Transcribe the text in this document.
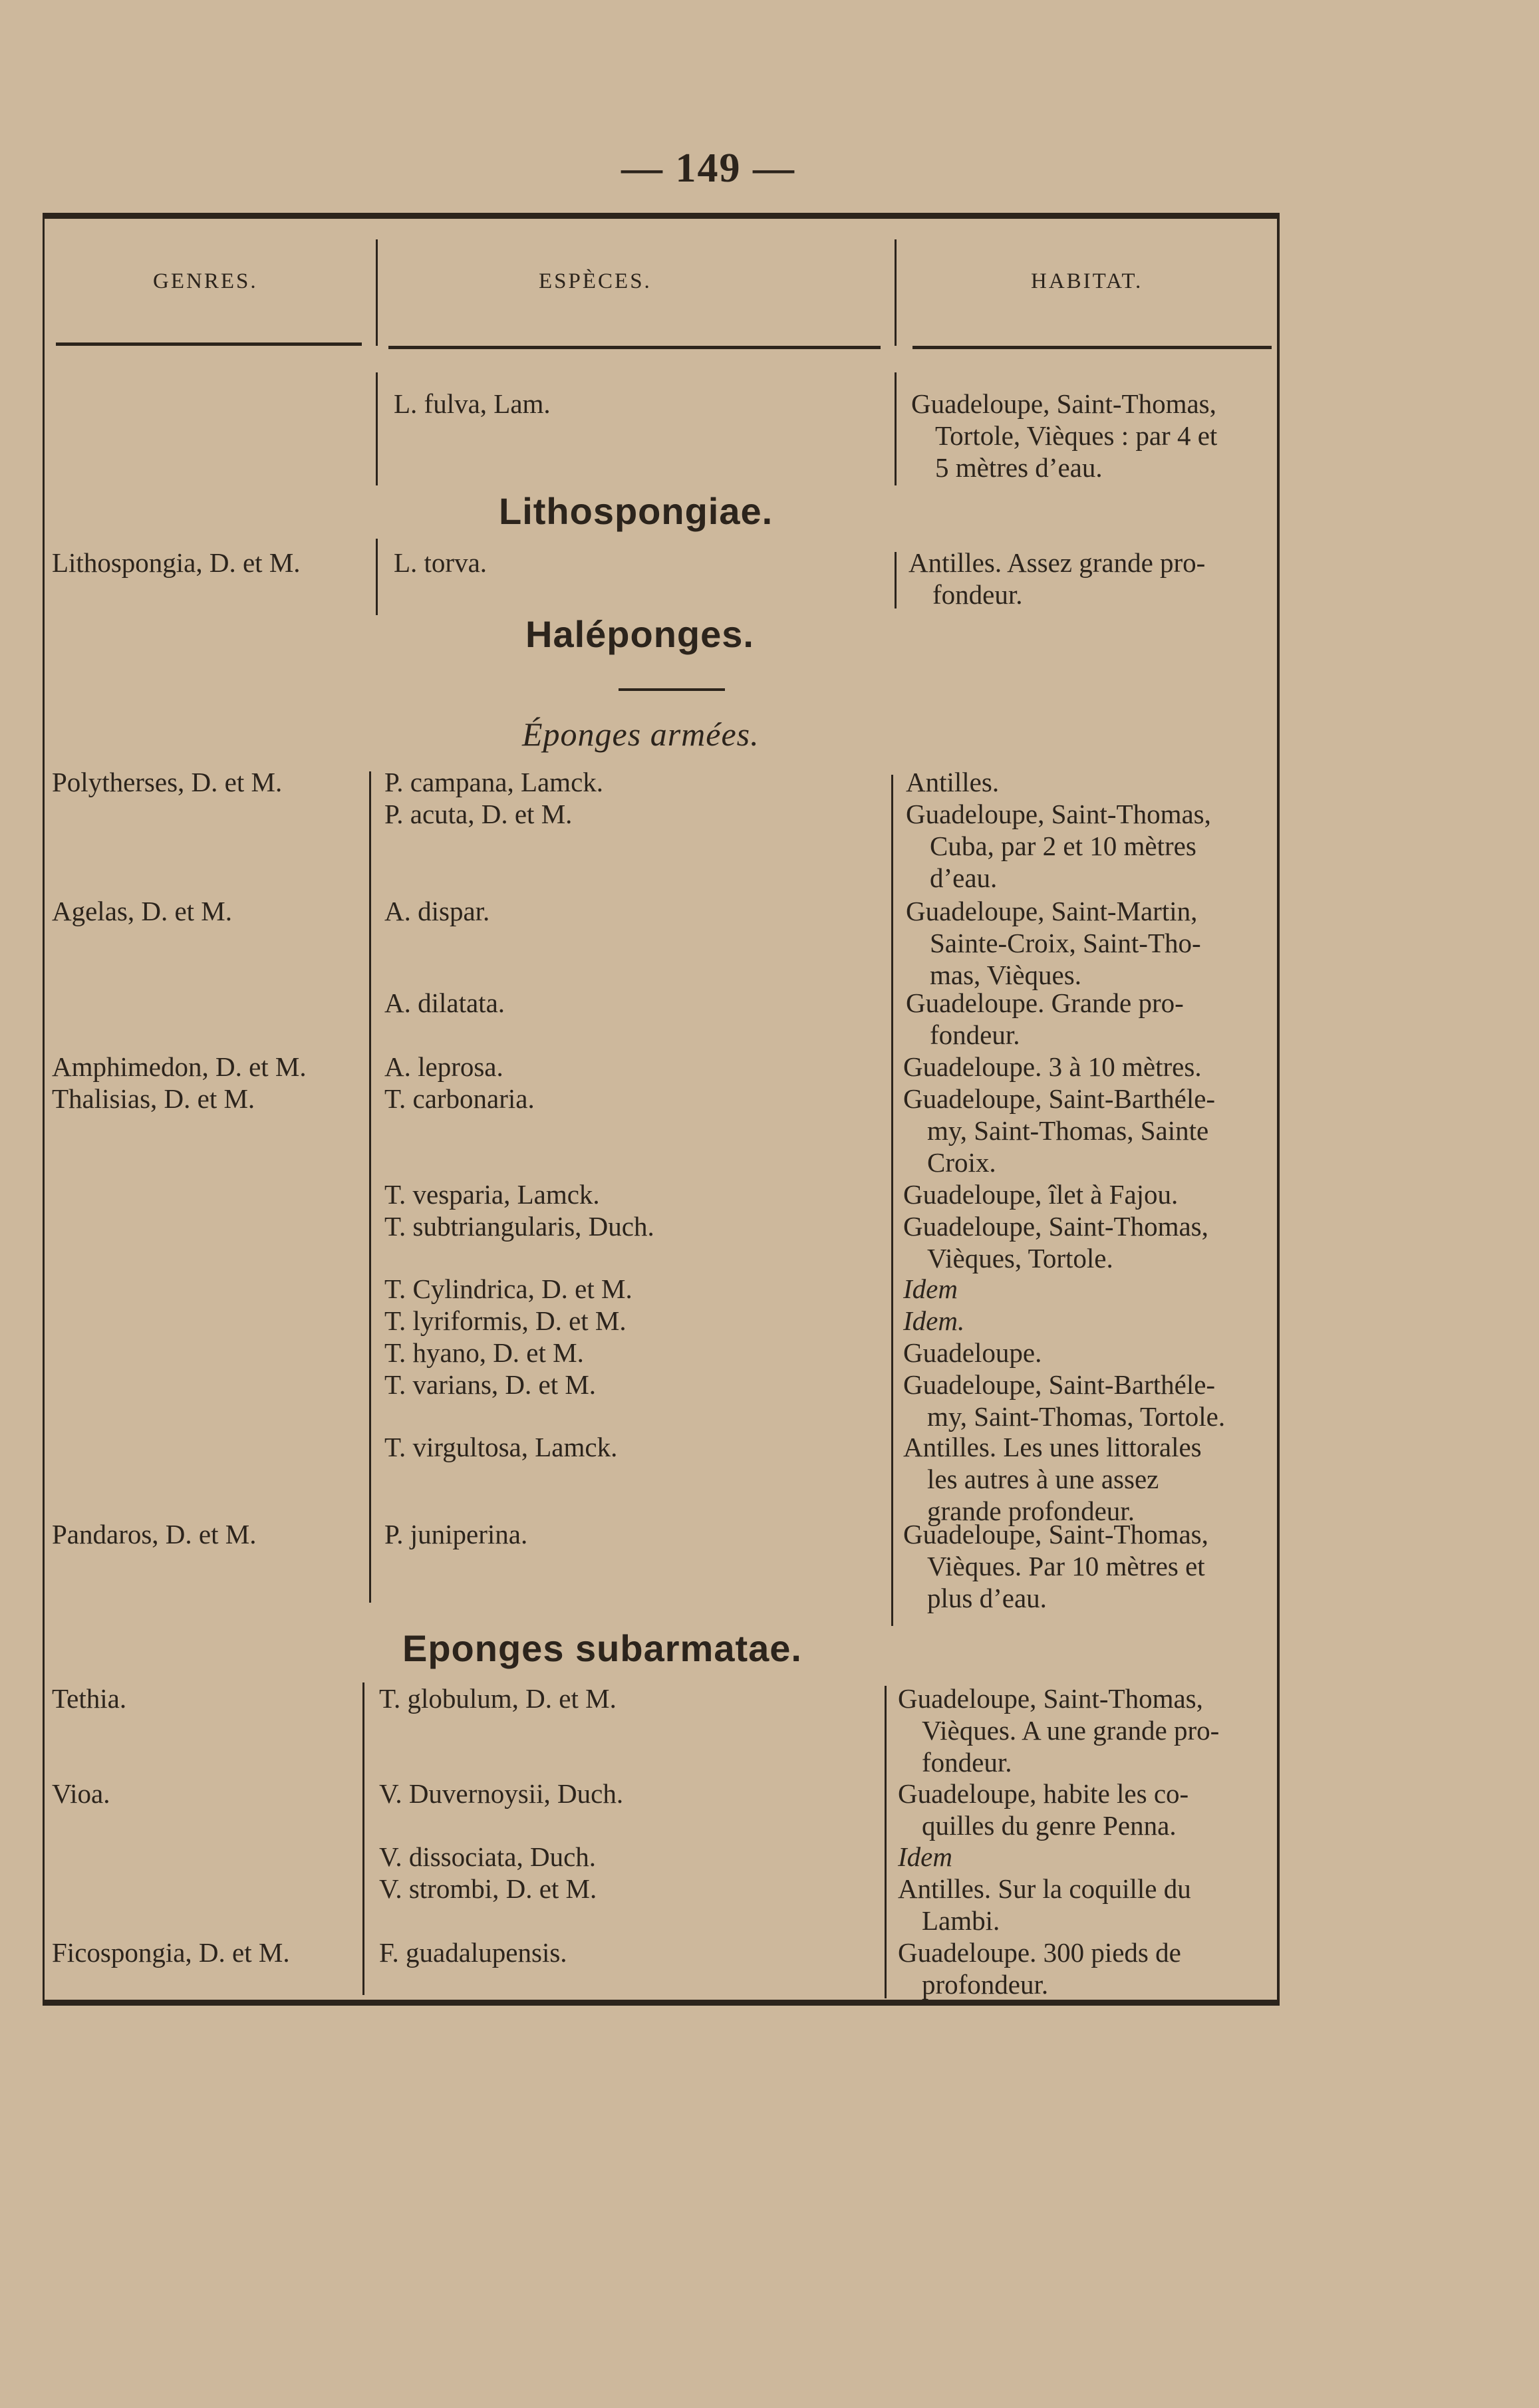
— 149 —
GENRES.	ESPÈCES.	HABITAT.
Lithospongiae.
Haléponges.
Éponges armées.
Eponges subarmatae.
Lithospongia, D. et M.
Polytherses, D. et M.
Agelas, D. et M.
Amphimedon, D. et M.
Thalisias, D. et M.
Pandaros, D. et M.
Tethia.
Vioa.
Ficospongia, D. et M.
L. fulva, Lam.
L. torva.
P. campana, Lamck.
P. acuta, D. et M.
A. dispar.
A. dilatata.
A. leprosa.
T. carbonaria.
T. vesparia, Lamck.
T. subtriangularis, Duch.
T. Cylindrica, D. et M.
T. lyriformis, D. et M.
T. hyano, D. et M.
T. varians, D. et M.
T. virgultosa, Lamck.
P. juniperina.
T. globulum, D. et M.
V. Duvernoysii, Duch.
V. dissociata, Duch.
V. strombi, D. et M.
F. guadalupensis.
Guadeloupe, Saint-Thomas,
Tortole, Vièques : par 4 et
5 mètres d’eau.
Antilles. Assez grande pro-
fondeur.
Antilles.
Guadeloupe, Saint-Thomas,
Cuba, par 2 et 10 mètres
d’eau.
Guadeloupe, Saint-Martin,
Sainte-Croix, Saint-Tho-
mas, Vièques.
Guadeloupe. Grande pro-
fondeur.
Guadeloupe. 3 à 10 mètres.
Guadeloupe, Saint-Barthéle-
my, Saint-Thomas, Sainte
Croix.
Guadeloupe, îlet à Fajou.
Guadeloupe, Saint-Thomas,
Vièques, Tortole.
Idem
Idem.
Guadeloupe.
Guadeloupe, Saint-Barthéle-
my, Saint-Thomas, Tortole.
Antilles. Les unes littorales
les autres à une assez
grande profondeur.
Guadeloupe, Saint-Thomas,
Vièques. Par 10 mètres et
plus d’eau.
Guadeloupe, Saint-Thomas,
Vièques. A une grande pro-
fondeur.
Guadeloupe, habite les co-
quilles du genre Penna.
Idem
Antilles. Sur la coquille du
Lambi.
Guadeloupe. 300 pieds de
profondeur.
